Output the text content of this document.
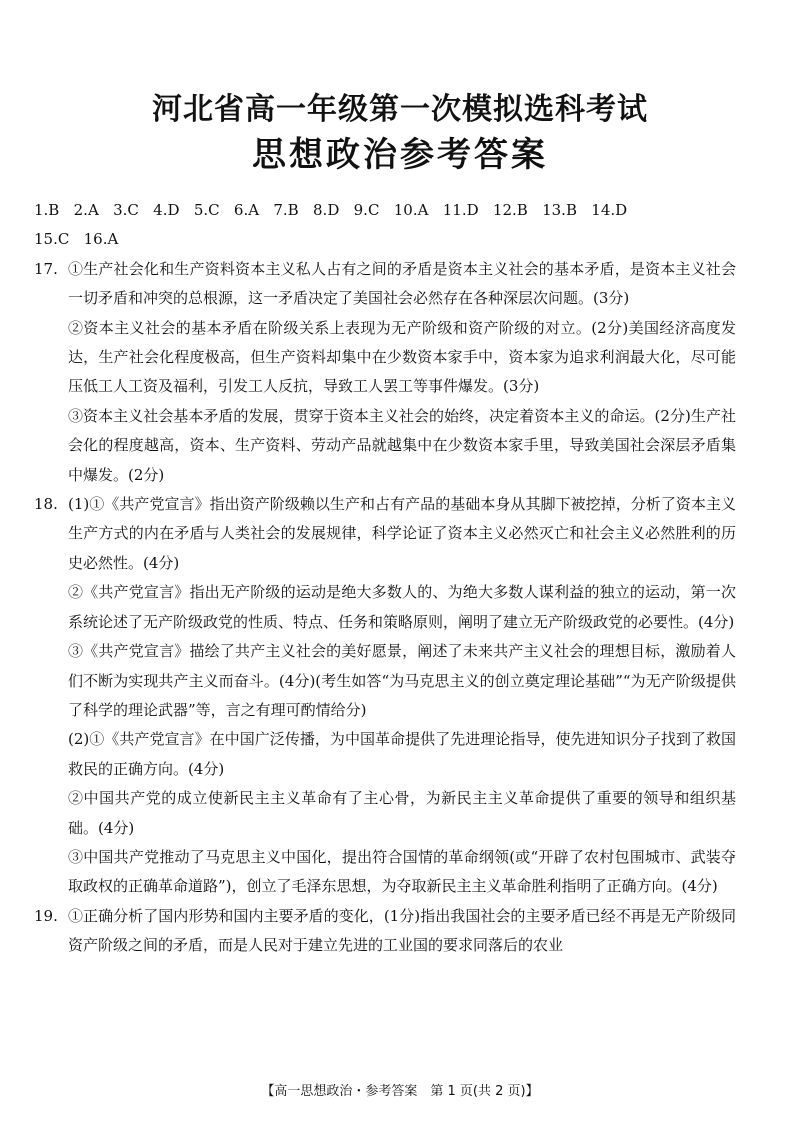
河北省高一年级第一次模拟选科考试
思想政治参考答案

1.B   2.A   3.C   4.D   5.C   6.A   7.B   8.D   9.C   10.A   11.D   12.B   13.B   14.D

15.C   16.A

17. ①生产社会化和生产资料资本主义私人占有之间的矛盾是资本主义社会的基本矛盾，是资本主义社会一切矛盾和冲突的总根源，这一矛盾决定了美国社会必然存在各种深层次问题。(3分)

②资本主义社会的基本矛盾在阶级关系上表现为无产阶级和资产阶级的对立。(2分)美国经济高度发达，生产社会化程度极高，但生产资料却集中在少数资本家手中，资本家为追求利润最大化，尽可能压低工人工资及福利，引发工人反抗，导致工人罢工等事件爆发。(3分)

③资本主义社会基本矛盾的发展，贯穿于资本主义社会的始终，决定着资本主义的命运。(2分)生产社会化的程度越高，资本、生产资料、劳动产品就越集中在少数资本家手里，导致美国社会深层矛盾集中爆发。(2分)

18. (1)①《共产党宣言》指出资产阶级赖以生产和占有产品的基础本身从其脚下被挖掉，分析了资本主义生产方式的内在矛盾与人类社会的发展规律，科学论证了资本主义必然灭亡和社会主义必然胜利的历史必然性。(4分)

②《共产党宣言》指出无产阶级的运动是绝大多数人的、为绝大多数人谋利益的独立的运动，第一次系统论述了无产阶级政党的性质、特点、任务和策略原则，阐明了建立无产阶级政党的必要性。(4分)

③《共产党宣言》描绘了共产主义社会的美好愿景，阐述了未来共产主义社会的理想目标，激励着人们不断为实现共产主义而奋斗。(4分)(考生如答“为马克思主义的创立奠定理论基础”“为无产阶级提供了科学的理论武器”等，言之有理可酌情给分)

(2)①《共产党宣言》在中国广泛传播，为中国革命提供了先进理论指导，使先进知识分子找到了救国救民的正确方向。(4分)

②中国共产党的成立使新民主主义革命有了主心骨，为新民主主义革命提供了重要的领导和组织基础。(4分)

③中国共产党推动了马克思主义中国化，提出符合国情的革命纲领(或“开辟了农村包围城市、武装夺取政权的正确革命道路”)，创立了毛泽东思想，为夺取新民主主义革命胜利指明了正确方向。(4分)

19. ①正确分析了国内形势和国内主要矛盾的变化，(1分)指出我国社会的主要矛盾已经不再是无产阶级同资产阶级之间的矛盾，而是人民对于建立先进的工业国的要求同落后的农业

【高一思想政治・参考答案　第 1 页(共 2 页)】
